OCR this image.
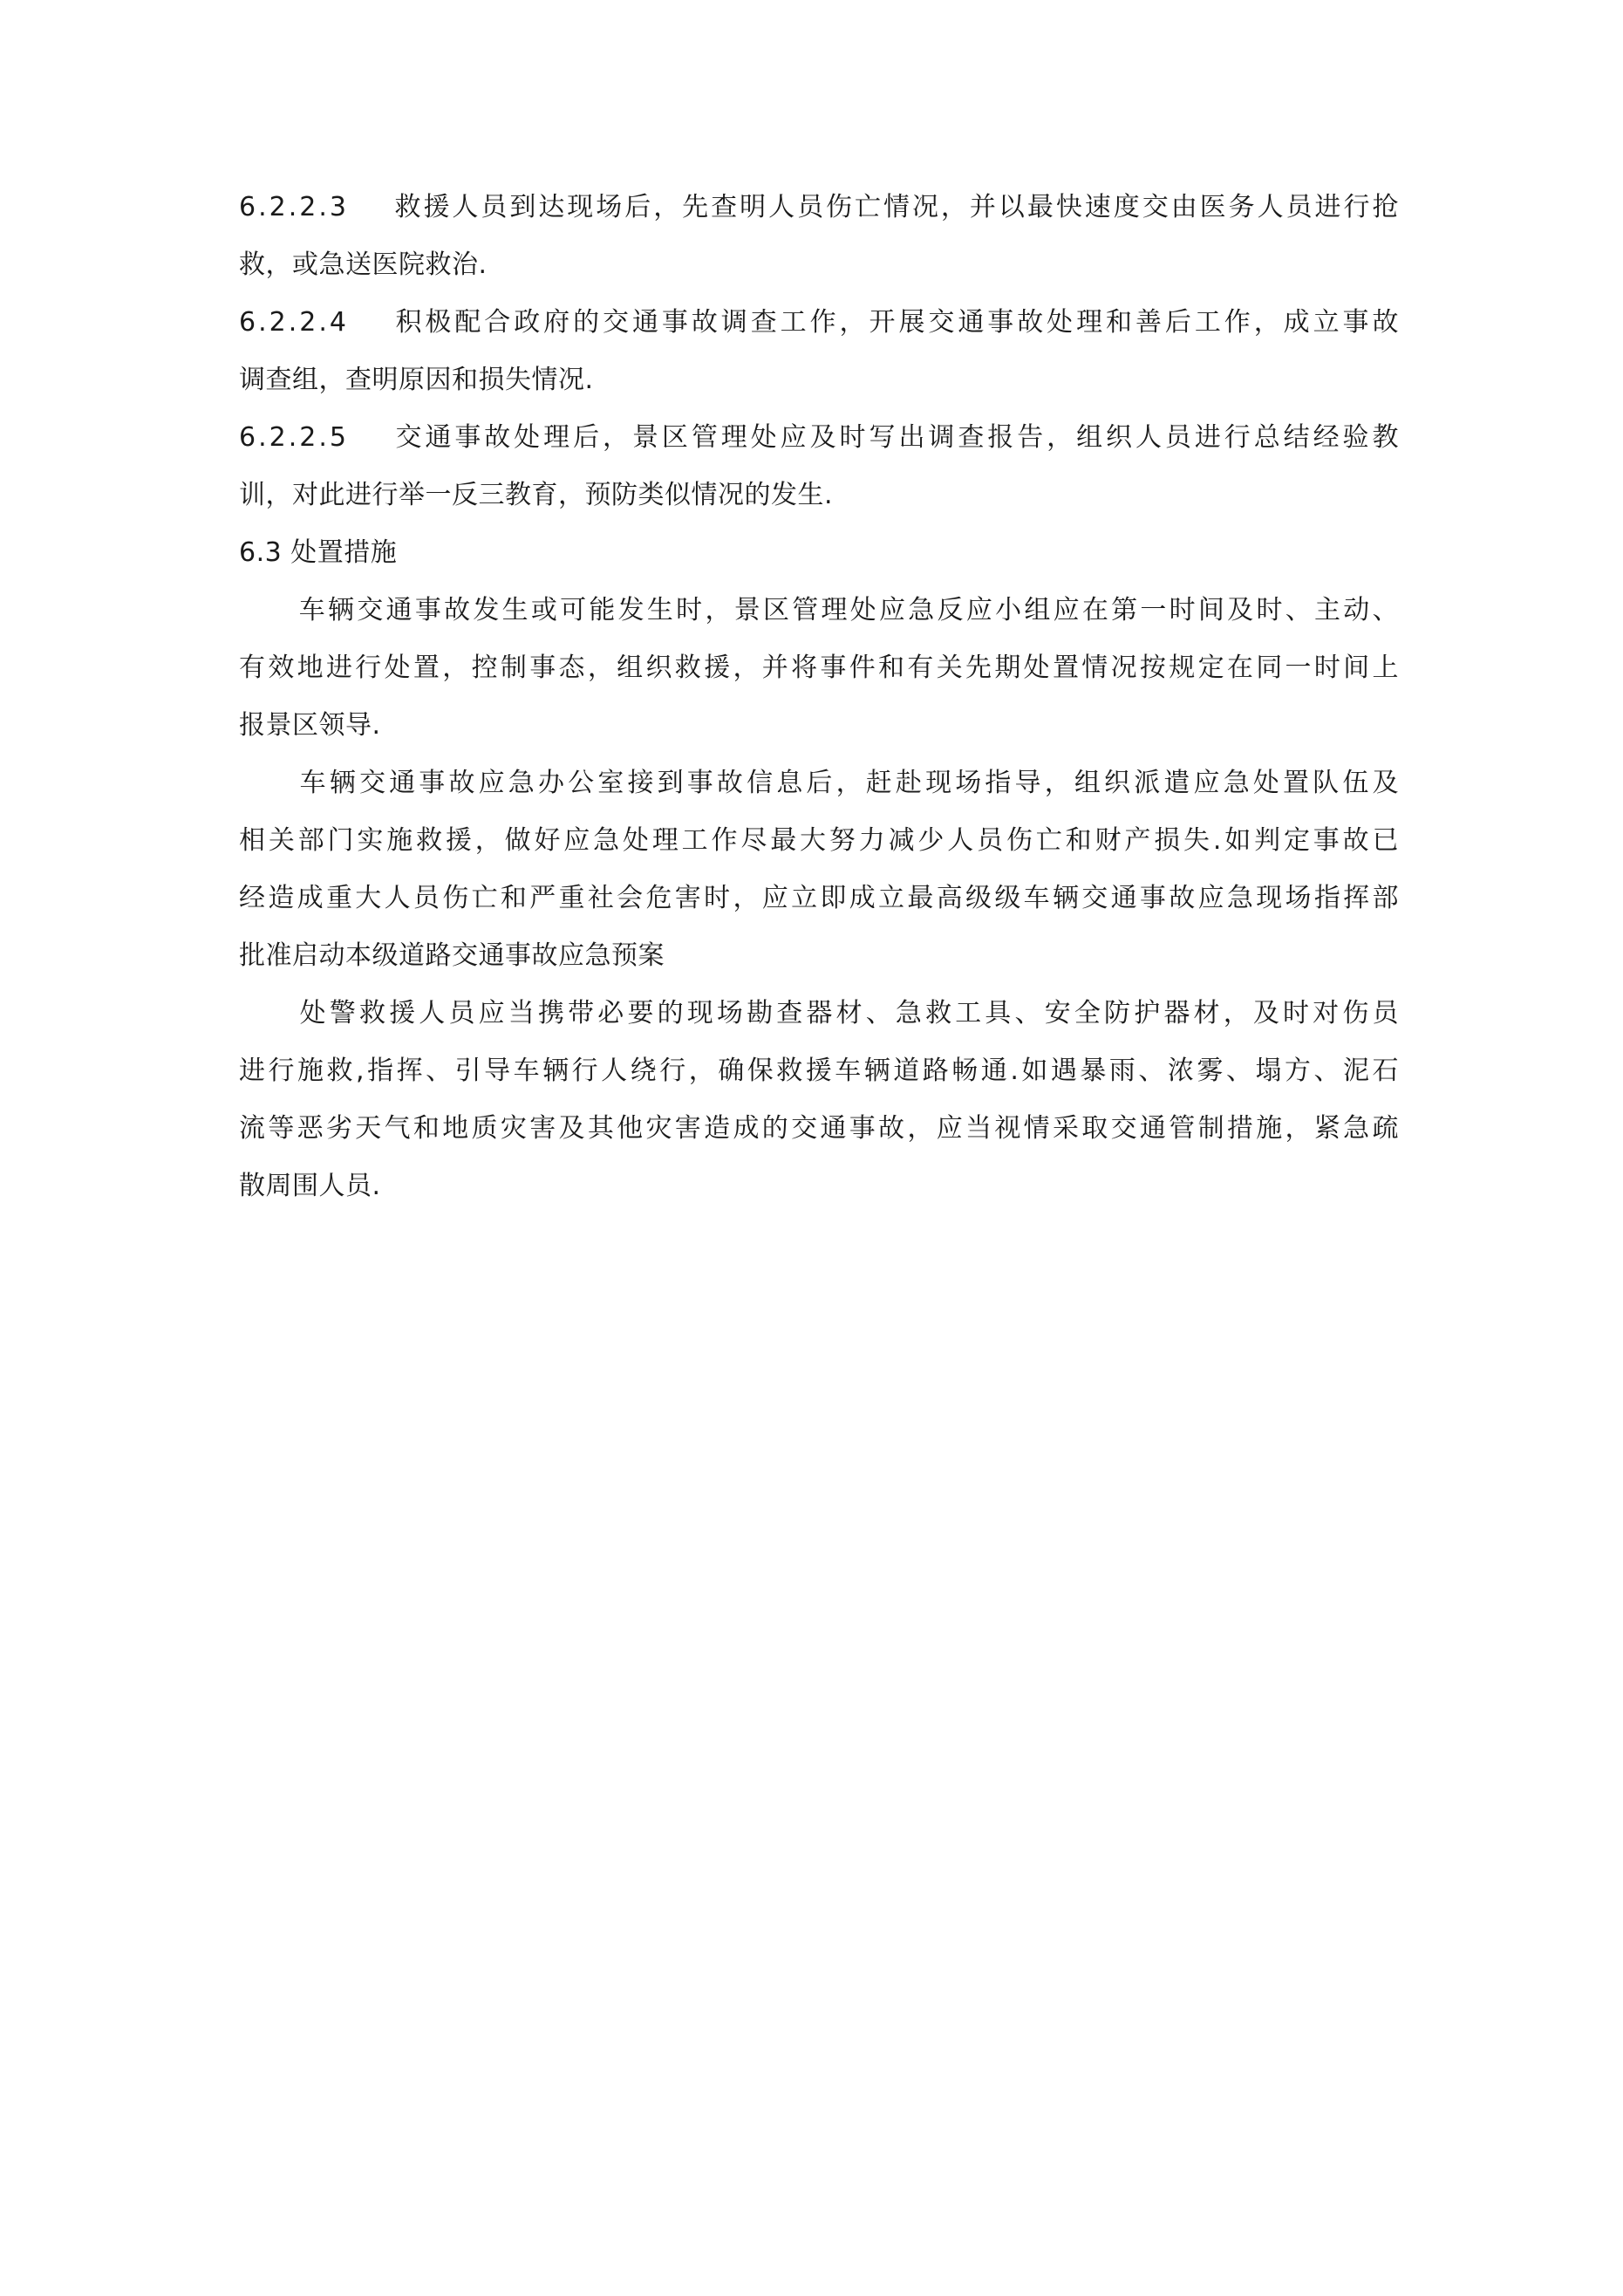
6.2.2.3 救援人员到达现场后，先查明人员伤亡情况，并以最快速度交由医务人员进行抢
救，或急送医院救治.
6.2.2.4 积极配合政府的交通事故调查工作，开展交通事故处理和善后工作，成立事故
调查组，查明原因和损失情况.
6.2.2.5 交通事故处理后，景区管理处应及时写出调查报告，组织人员进行总结经验教
训，对此进行举一反三教育，预防类似情况的发生.
6.3 处置措施
车辆交通事故发生或可能发生时，景区管理处应急反应小组应在第一时间及时、主动、
有效地进行处置，控制事态，组织救援，并将事件和有关先期处置情况按规定在同一时间上
报景区领导.
车辆交通事故应急办公室接到事故信息后，赶赴现场指导，组织派遣应急处置队伍及
相关部门实施救援，做好应急处理工作尽最大努力减少人员伤亡和财产损失.如判定事故已
经造成重大人员伤亡和严重社会危害时，应立即成立最高级级车辆交通事故应急现场指挥部
批准启动本级道路交通事故应急预案
处警救援人员应当携带必要的现场勘查器材、急救工具、安全防护器材，及时对伤员
进行施救,指挥、引导车辆行人绕行，确保救援车辆道路畅通.如遇暴雨、浓雾、塌方、泥石
流等恶劣天气和地质灾害及其他灾害造成的交通事故，应当视情采取交通管制措施，紧急疏
散周围人员.
